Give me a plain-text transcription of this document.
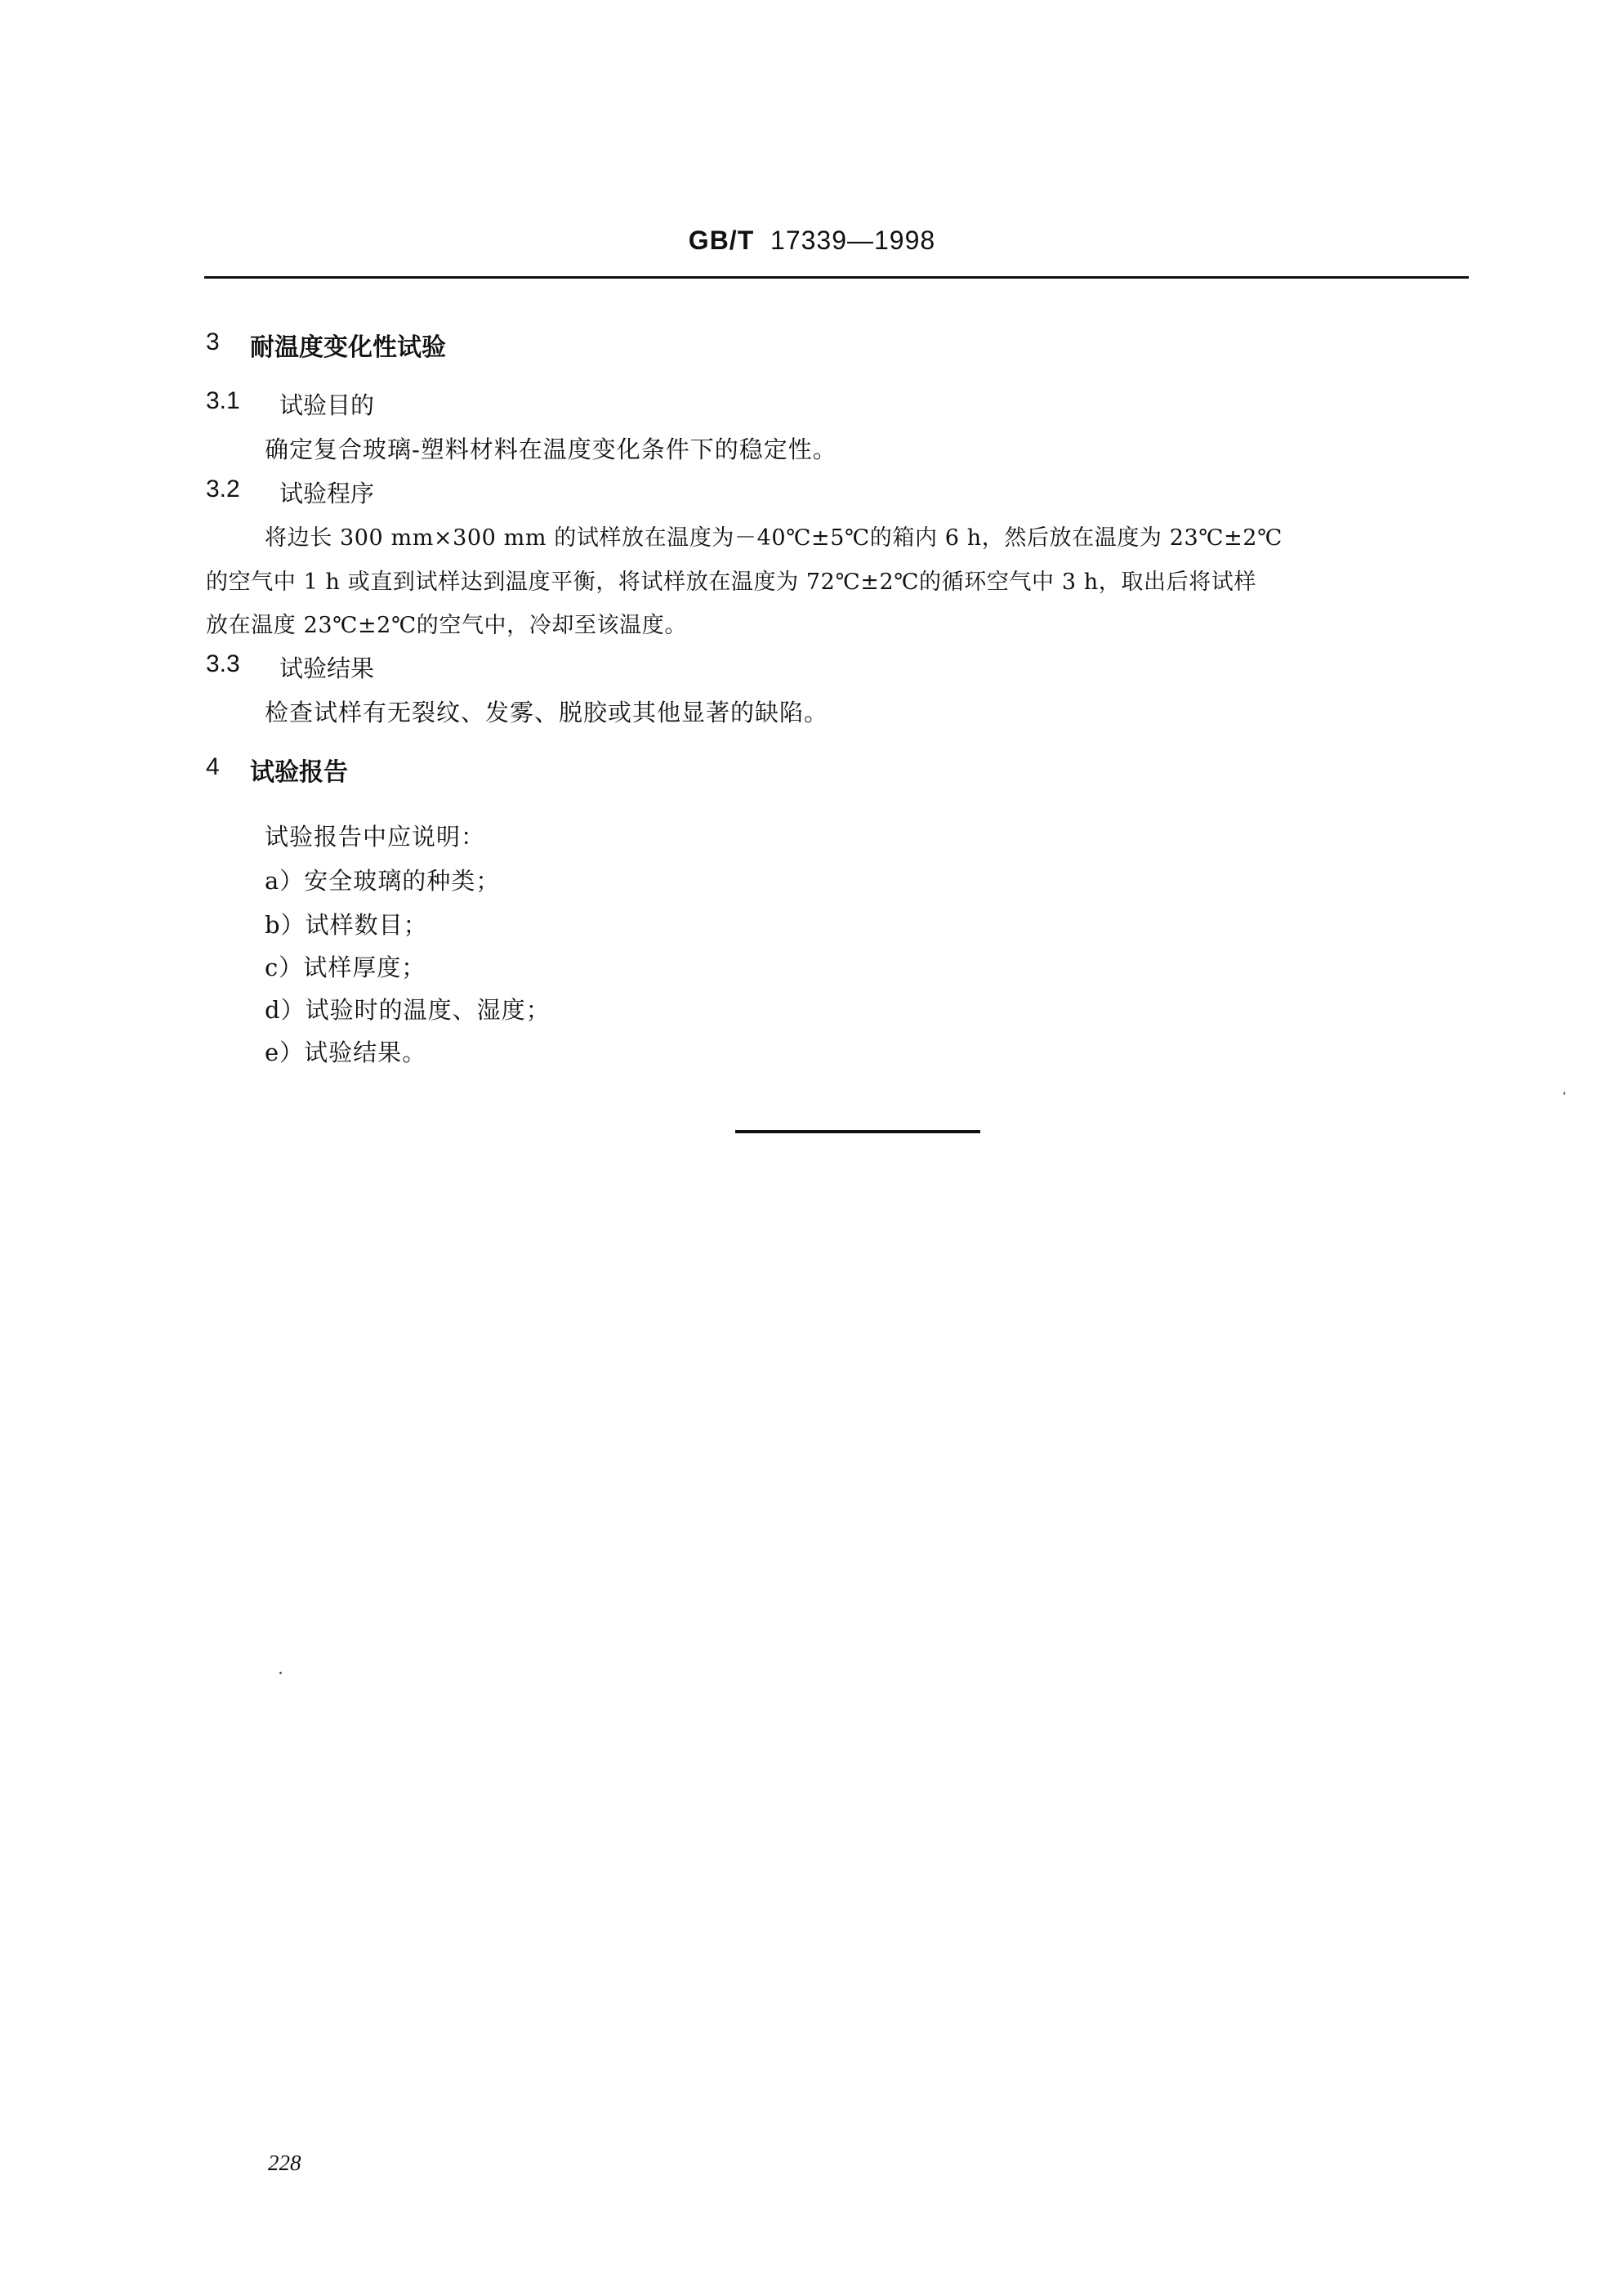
GB/T 17339—1998
3 耐温度变化性试验
3.1 试验目的
确定复合玻璃-塑料材料在温度变化条件下的稳定性。
3.2 试验程序
将边长 300 mm×300 mm 的试样放在温度为－40℃±5℃的箱内 6 h，然后放在温度为 23℃±2℃
的空气中 1 h 或直到试样达到温度平衡，将试样放在温度为 72℃±2℃的循环空气中 3 h，取出后将试样
放在温度 23℃±2℃的空气中，冷却至该温度。
3.3 试验结果
检查试样有无裂纹、发雾、脱胶或其他显著的缺陷。
4 试验报告
试验报告中应说明：
a）安全玻璃的种类；
b）试样数目；
c）试样厚度；
d）试验时的温度、湿度；
e）试验结果。
228
